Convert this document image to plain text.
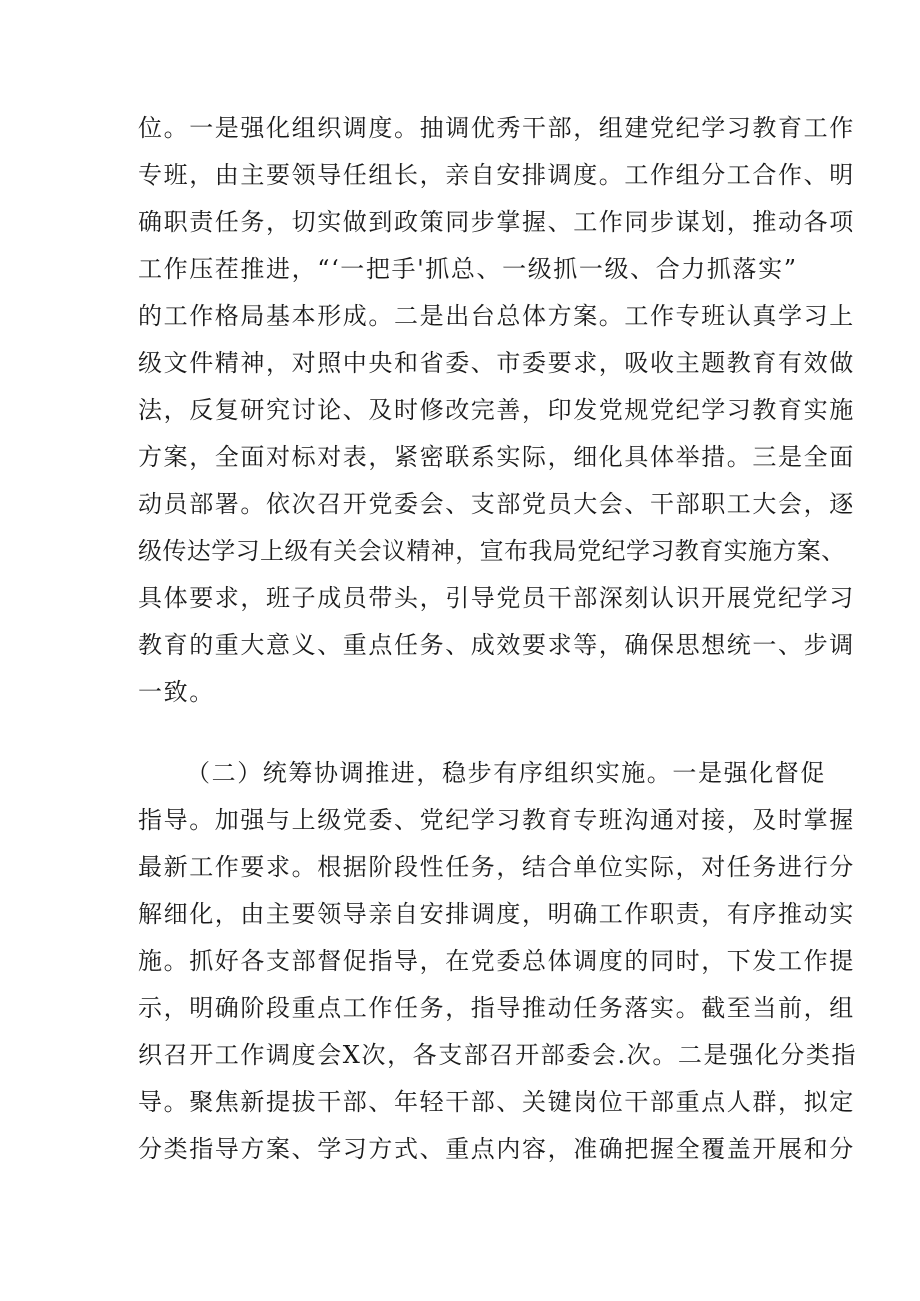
位。一是强化组织调度。抽调优秀干部，组建党纪学习教育工作
专班，由主要领导任组长，亲自安排调度。工作组分工合作、明
确职责任务，切实做到政策同步掌握、工作同步谋划，推动各项
工作压茬推进，“‘一把手'抓总、一级抓一级、合力抓落实”
的工作格局基本形成。二是出台总体方案。工作专班认真学习上
级文件精神，对照中央和省委、市委要求，吸收主题教育有效做
法，反复研究讨论、及时修改完善，印发党规党纪学习教育实施
方案，全面对标对表，紧密联系实际，细化具体举措。三是全面
动员部署。依次召开党委会、支部党员大会、干部职工大会，逐
级传达学习上级有关会议精神，宣布我局党纪学习教育实施方案、
具体要求，班子成员带头，引导党员干部深刻认识开展党纪学习
教育的重大意义、重点任务、成效要求等，确保思想统一、步调
一致。
（二）统筹协调推进，稳步有序组织实施。一是强化督促
指导。加强与上级党委、党纪学习教育专班沟通对接，及时掌握
最新工作要求。根据阶段性任务，结合单位实际，对任务进行分
解细化，由主要领导亲自安排调度，明确工作职责，有序推动实
施。抓好各支部督促指导，在党委总体调度的同时，下发工作提
示，明确阶段重点工作任务，指导推动任务落实。截至当前，组
织召开工作调度会X次，各支部召开部委会.次。二是强化分类指
导。聚焦新提拔干部、年轻干部、关键岗位干部重点人群，拟定
分类指导方案、学习方式、重点内容，准确把握全覆盖开展和分
